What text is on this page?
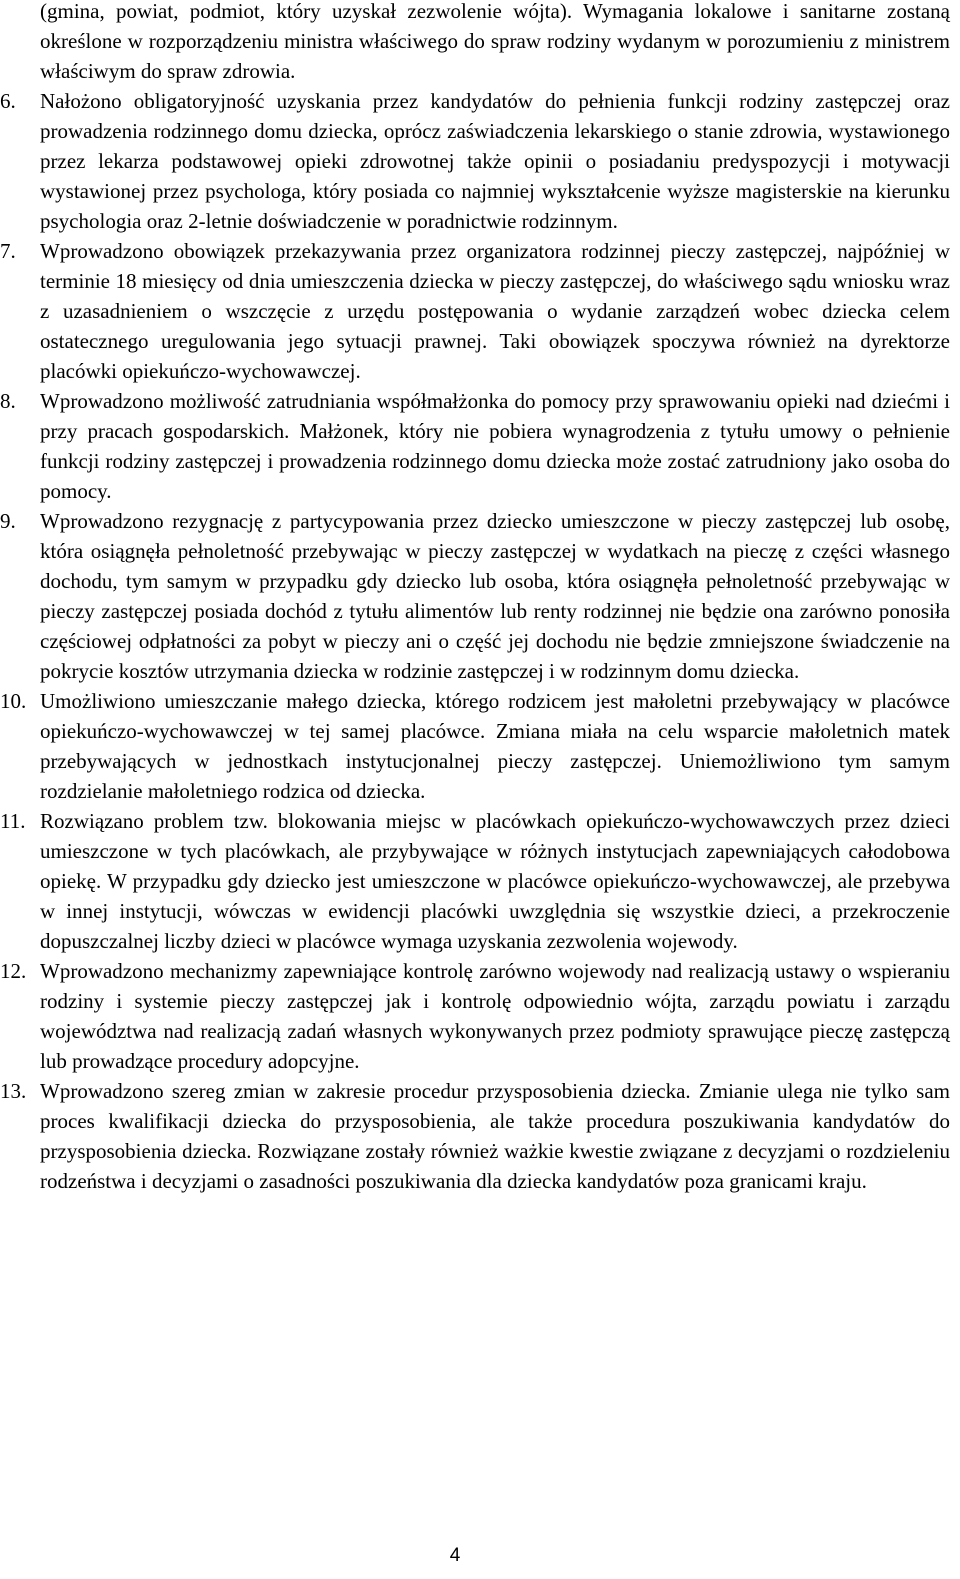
(gmina, powiat, podmiot, który uzyskał zezwolenie wójta). Wymagania lokalowe i sanitarne zostaną określone w rozporządzeniu ministra właściwego do spraw rodziny wydanym w porozumieniu z ministrem właściwym do spraw zdrowia.

6.	Nałożono obligatoryjność uzyskania przez kandydatów do pełnienia funkcji rodziny zastępczej oraz prowadzenia rodzinnego domu dziecka, oprócz zaświadczenia lekarskiego o stanie zdrowia, wystawionego przez lekarza podstawowej opieki zdrowotnej także opinii o posiadaniu predyspozycji i motywacji wystawionej przez psychologa, który posiada co najmniej wykształcenie wyższe magisterskie na kierunku psychologia oraz 2-letnie doświadczenie w poradnictwie rodzinnym.
7.	Wprowadzono obowiązek przekazywania przez organizatora rodzinnej pieczy zastępczej, najpóźniej w terminie 18 miesięcy od dnia umieszczenia dziecka w pieczy zastępczej, do właściwego sądu wniosku wraz z uzasadnieniem o wszczęcie z urzędu postępowania o wydanie zarządzeń wobec dziecka celem ostatecznego uregulowania jego sytuacji prawnej. Taki obowiązek spoczywa również na dyrektorze placówki opiekuńczo-wychowawczej.
8.	Wprowadzono możliwość zatrudniania współmałżonka do pomocy przy sprawowaniu opieki nad dziećmi i przy pracach gospodarskich. Małżonek, który nie pobiera wynagrodzenia z tytułu umowy o pełnienie funkcji rodziny zastępczej i prowadzenia rodzinnego domu dziecka może zostać zatrudniony jako osoba do pomocy.
9.	Wprowadzono rezygnację z partycypowania przez dziecko umieszczone w pieczy zastępczej lub osobę, która osiągnęła pełnoletność przebywając w pieczy zastępczej w wydatkach na pieczę z części własnego dochodu, tym samym w przypadku gdy dziecko lub osoba, która osiągnęła pełnoletność przebywając w pieczy zastępczej posiada dochód z tytułu alimentów lub renty rodzinnej nie będzie ona zarówno ponosiła częściowej odpłatności za pobyt w pieczy ani o część jej dochodu nie będzie zmniejszone świadczenie na pokrycie kosztów utrzymania dziecka w rodzinie zastępczej i w rodzinnym domu dziecka.
10. Umożliwiono umieszczanie małego dziecka, którego rodzicem jest małoletni przebywający w placówce opiekuńczo-wychowawczej w tej samej placówce. Zmiana miała na celu wsparcie małoletnich matek przebywających w jednostkach instytucjonalnej pieczy zastępczej. Uniemożliwiono tym samym rozdzielanie małoletniego rodzica od dziecka.
11. Rozwiązano problem tzw. blokowania miejsc w placówkach opiekuńczo-wychowawczych przez dzieci umieszczone w tych placówkach, ale przybywające w różnych instytucjach zapewniających całodobowa opiekę. W przypadku gdy dziecko jest umieszczone w placówce opiekuńczo-wychowawczej, ale przebywa w innej instytucji, wówczas w ewidencji placówki uwzględnia się wszystkie dzieci, a przekroczenie dopuszczalnej liczby dzieci w placówce wymaga uzyskania zezwolenia wojewody.
12. Wprowadzono mechanizmy zapewniające kontrolę zarówno wojewody nad realizacją ustawy o wspieraniu rodziny i systemie pieczy zastępczej jak i kontrolę odpowiednio wójta, zarządu powiatu i zarządu województwa nad realizacją zadań własnych wykonywanych przez podmioty sprawujące pieczę zastępczą lub prowadzące procedury adopcyjne.
13. Wprowadzono szereg zmian w zakresie procedur przysposobienia dziecka. Zmianie ulega nie tylko sam proces kwalifikacji dziecka do przysposobienia, ale także procedura poszukiwania kandydatów do przysposobienia dziecka. Rozwiązane zostały również ważkie kwestie związane z decyzjami o rozdzieleniu rodzeństwa i decyzjami o zasadności poszukiwania dla dziecka kandydatów poza granicami kraju.
4
